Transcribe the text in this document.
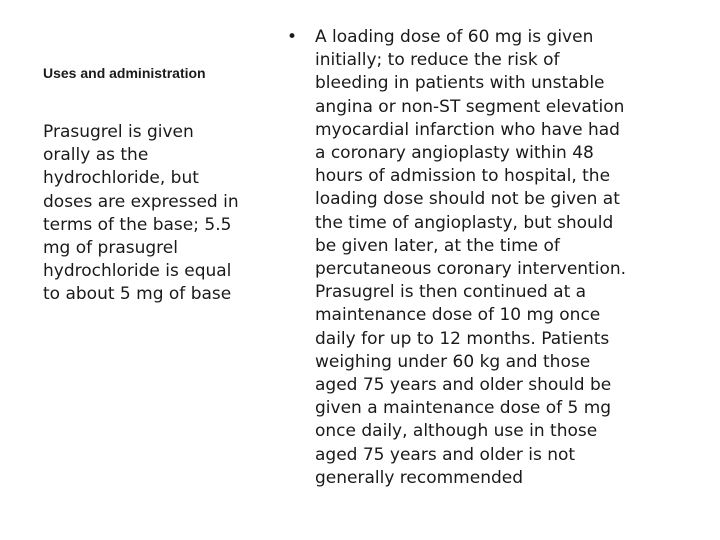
Uses and administration
Prasugrel is given
orally as the
hydrochloride, but
doses are expressed in
terms of the base; 5.5
mg of prasugrel
hydrochloride is equal
to about 5 mg of base
• A loading dose of 60 mg is given
initially; to reduce the risk of
bleeding in patients with unstable
angina or non-ST segment elevation
myocardial infarction who have had
a coronary angioplasty within 48
hours of admission to hospital, the
loading dose should not be given at
the time of angioplasty, but should
be given later, at the time of
percutaneous coronary intervention.
Prasugrel is then continued at a
maintenance dose of 10 mg once
daily for up to 12 months. Patients
weighing under 60 kg and those
aged 75 years and older should be
given a maintenance dose of 5 mg
once daily, although use in those
aged 75 years and older is not
generally recommended
